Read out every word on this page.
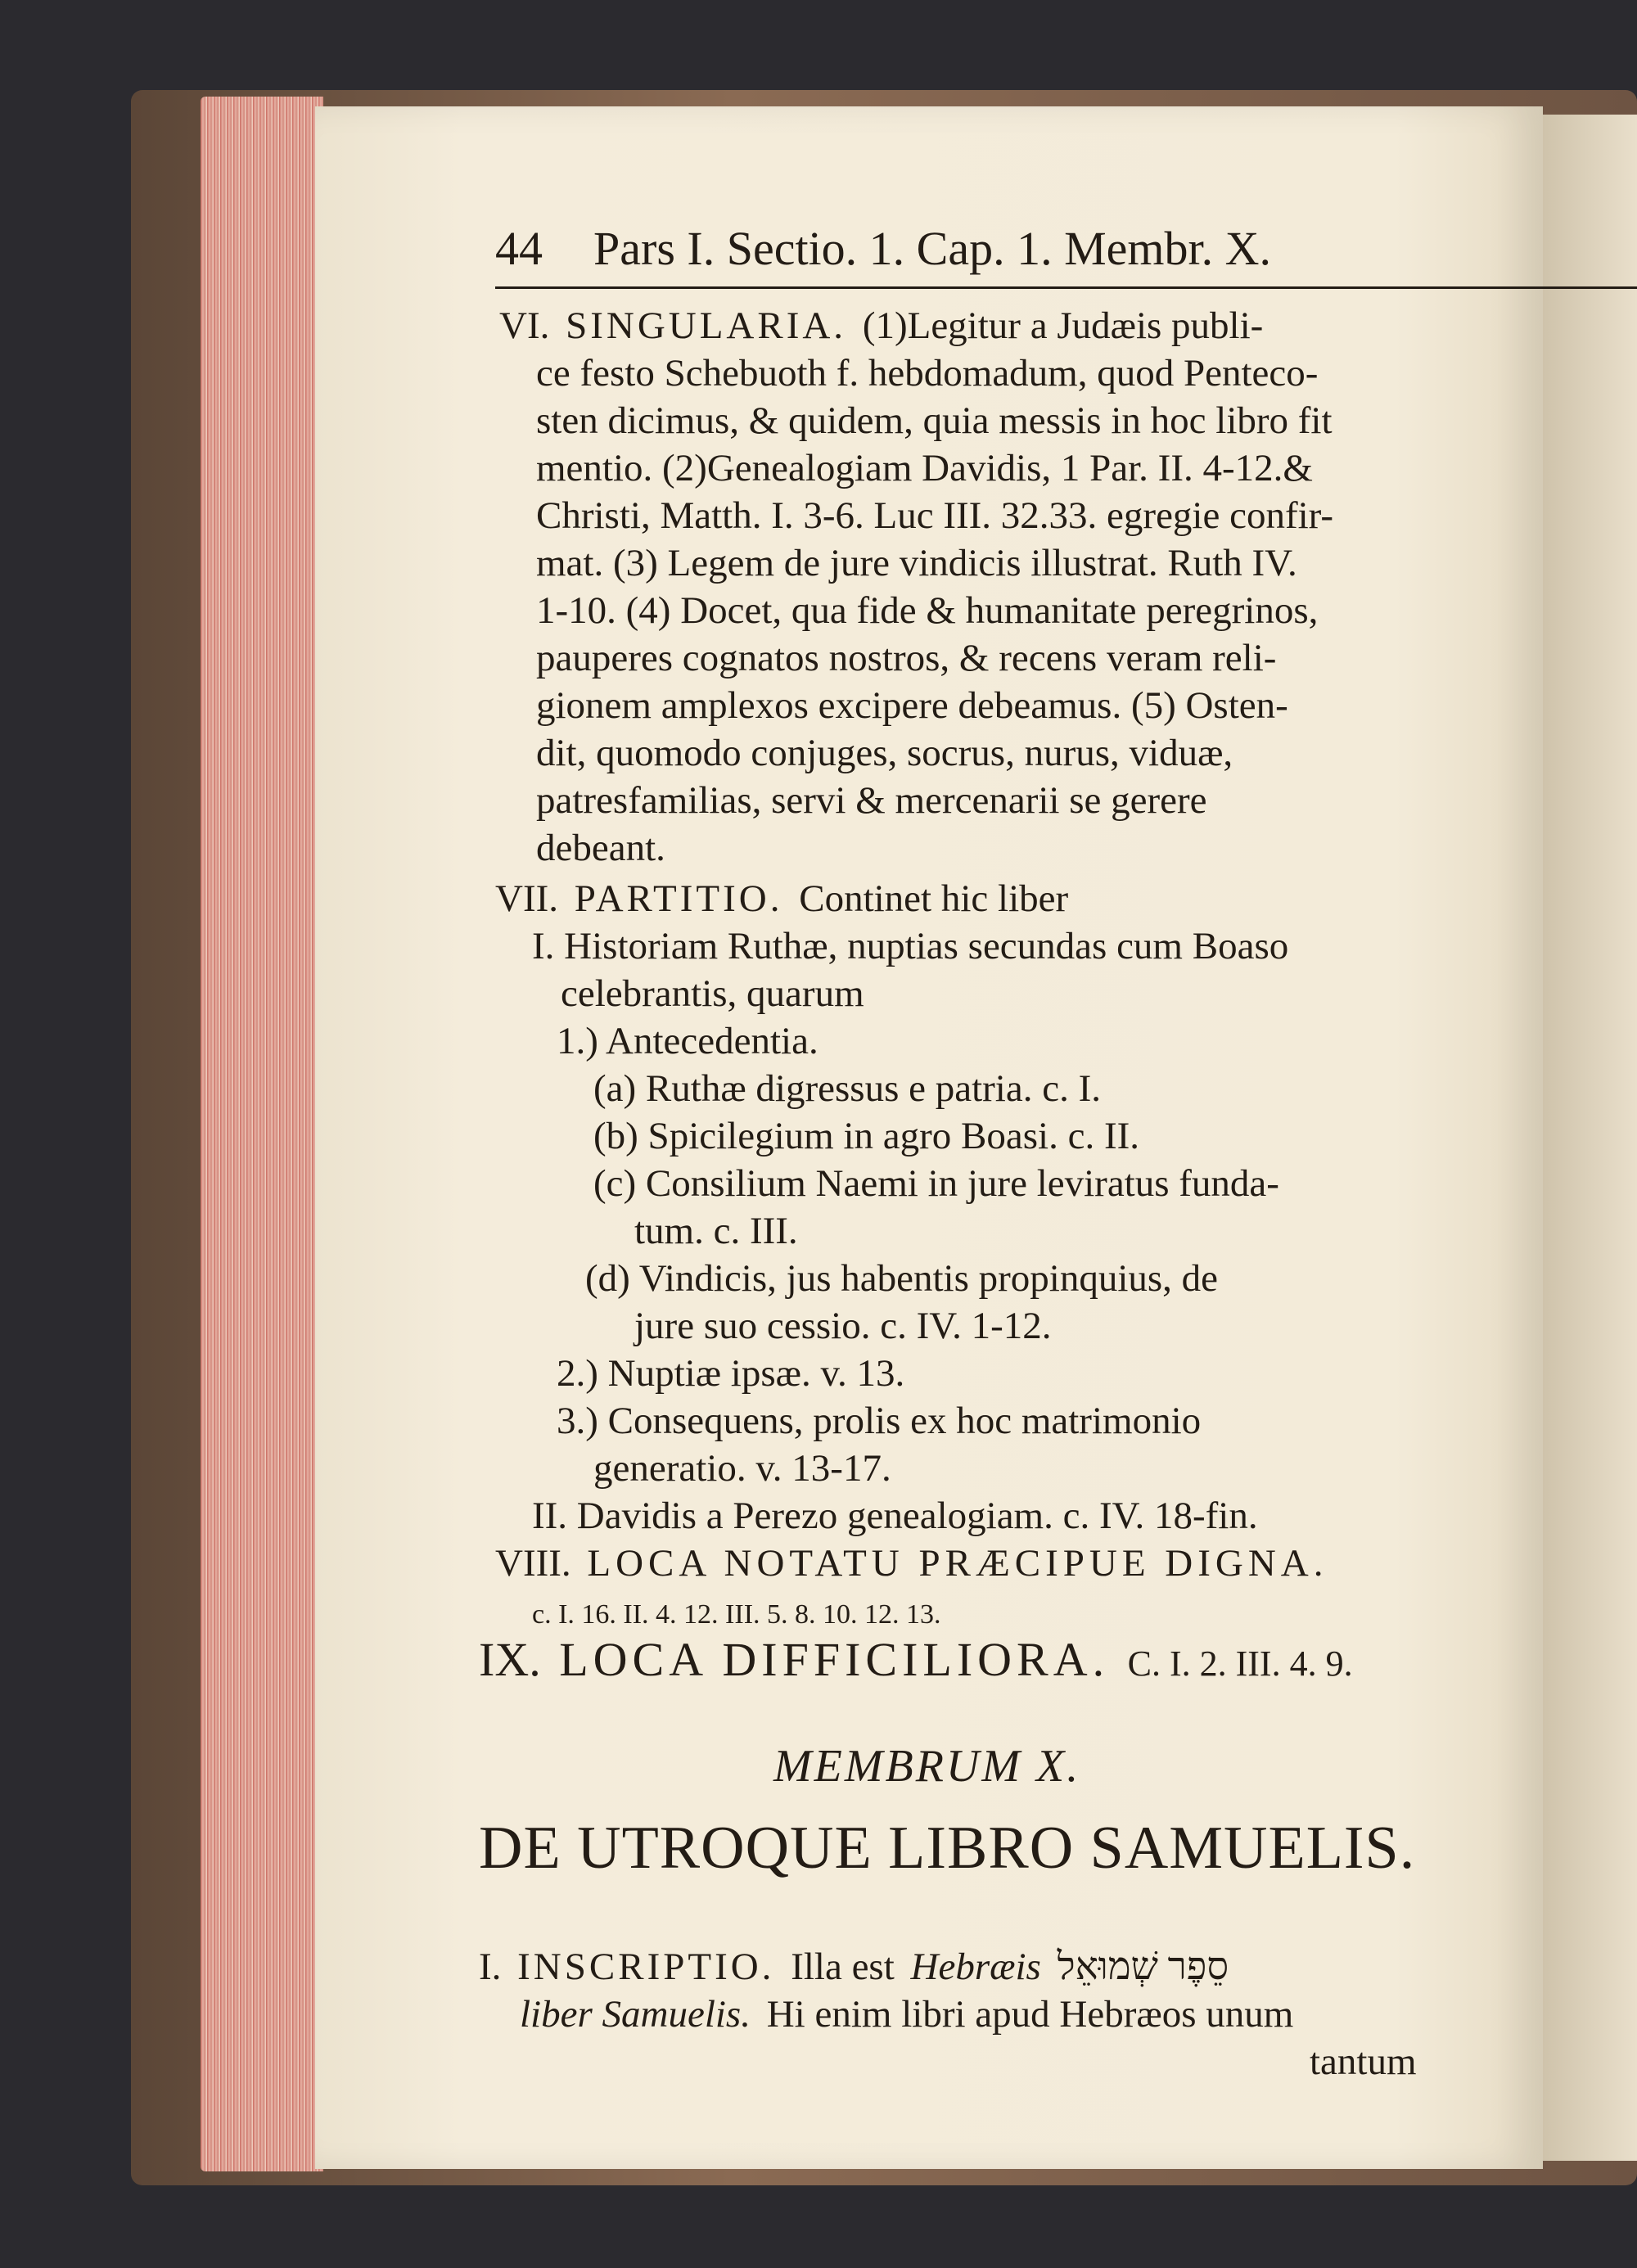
44 Pars I. Sectio. 1. Cap. 1. Membr. X.
VI. SINGULARIA. (1)Legitur a Judæis publi-
ce festo Schebuoth f. hebdomadum, quod Penteco-
sten dicimus, & quidem, quia messis in hoc libro fit
mentio. (2)Genealogiam Davidis, 1 Par. II. 4-12.&
Christi, Matth. I. 3-6. Luc III. 32.33. egregie confir-
mat. (3) Legem de jure vindicis illustrat. Ruth IV.
1-10. (4) Docet, qua fide & humanitate peregrinos,
pauperes cognatos nostros, & recens veram reli-
gionem amplexos excipere debeamus. (5) Osten-
dit, quomodo conjuges, socrus, nurus, viduæ,
patresfamilias, servi & mercenarii se gerere
debeant.
VII. PARTITIO. Continet hic liber
I. Historiam Ruthæ, nuptias secundas cum Boaso
celebrantis, quarum
1.) Antecedentia.
(a) Ruthæ digressus e patria. c. I.
(b) Spicilegium in agro Boasi. c. II.
(c) Consilium Naemi in jure leviratus funda-
tum. c. III.
(d) Vindicis, jus habentis propinquius, de
jure suo cessio. c. IV. 1-12.
2.) Nuptiæ ipsæ. v. 13.
3.) Consequens, prolis ex hoc matrimonio
generatio. v. 13-17.
II. Davidis a Perezo genealogiam. c. IV. 18-fin.
VIII. LOCA NOTATU PRÆCIPUE DIGNA.
c. I. 16. II. 4. 12. III. 5. 8. 10. 12. 13.
IX. LOCA DIFFICILIORA. C. I. 2. III. 4. 9.
MEMBRUM X.
DE UTROQUE LIBRO SAMUELIS.
I. INSCRIPTIO. Illa est Hebræis סֵפֶר שְׁמוּאֵל
liber Samuelis. Hi enim libri apud Hebræos unum
tantum
